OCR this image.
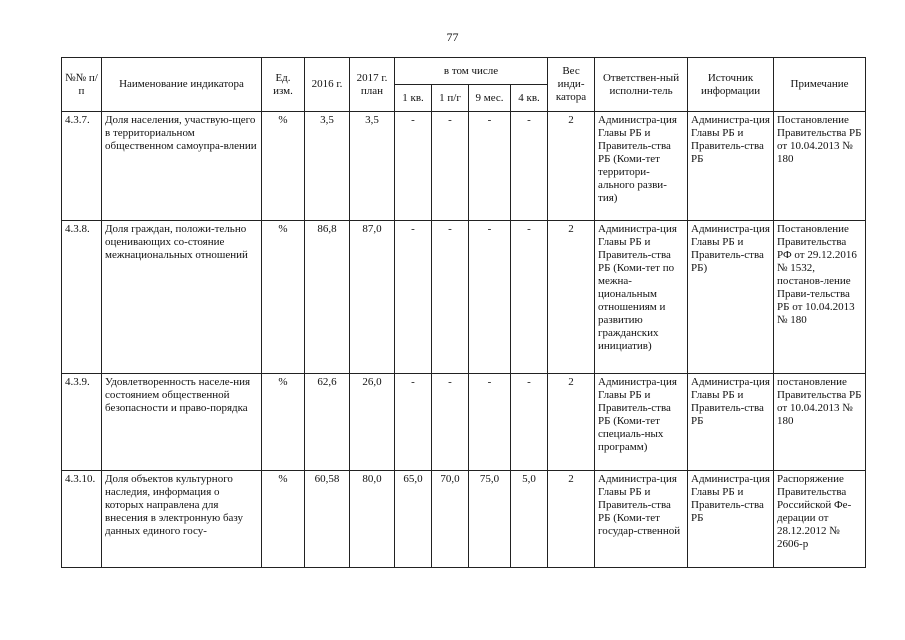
77
№№ п/п	Наименование индикатора	Ед. изм.	2016 г.	2017 г. план	в том числе				Вес инди-катора	Ответствен-ный исполни-тель	Источник информации	Примечание
					1 кв.	1 п/г	9 мес.	4 кв.				
4.3.7.	Доля населения, участвую-щего в территориальном общественном самоупра-влении	%	3,5	3,5	-	-	-	-	2	Администра-ция Главы РБ и Правитель-ства РБ (Коми-тет территори-ального разви-тия)	Администра-ция Главы РБ и Правитель-ства РБ	Постановление Правительства РБ от 10.04.2013 № 180
4.3.8.	Доля граждан, положи-тельно оценивающих со-стояние межнациональных отношений	%	86,8	87,0	-	-	-	-	2	Администра-ция Главы РБ и Правитель-ства РБ (Коми-тет по межна-циональным отношениям и развитию гражданских инициатив)	Администра-ция Главы РБ и Правитель-ства РБ)	Постановление Правительства РФ от 29.12.2016 № 1532, постанов-ление Прави-тельства РБ от 10.04.2013 № 180
4.3.9.	Удовлетворенность населе-ния состоянием общественной безопасности и право-порядка	%	62,6	26,0	-	-	-	-	2	Администра-ция Главы РБ и Правитель-ства РБ (Коми-тет специаль-ных программ)	Администра-ция Главы РБ и Правитель-ства РБ	постановление Правительства РБ от 10.04.2013 № 180
4.3.10.	Доля объектов культурного наследия, информация о которых направлена для внесения в электронную базу данных единого госу-	%	60,58	80,0	65,0	70,0	75,0	5,0	2	Администра-ция Главы РБ и Правитель-ства РБ (Коми-тет государ-ственной	Администра-ция Главы РБ и Правитель-ства РБ	Распоряжение Правительства Российской Фе-дерации от 28.12.2012 № 2606-р
